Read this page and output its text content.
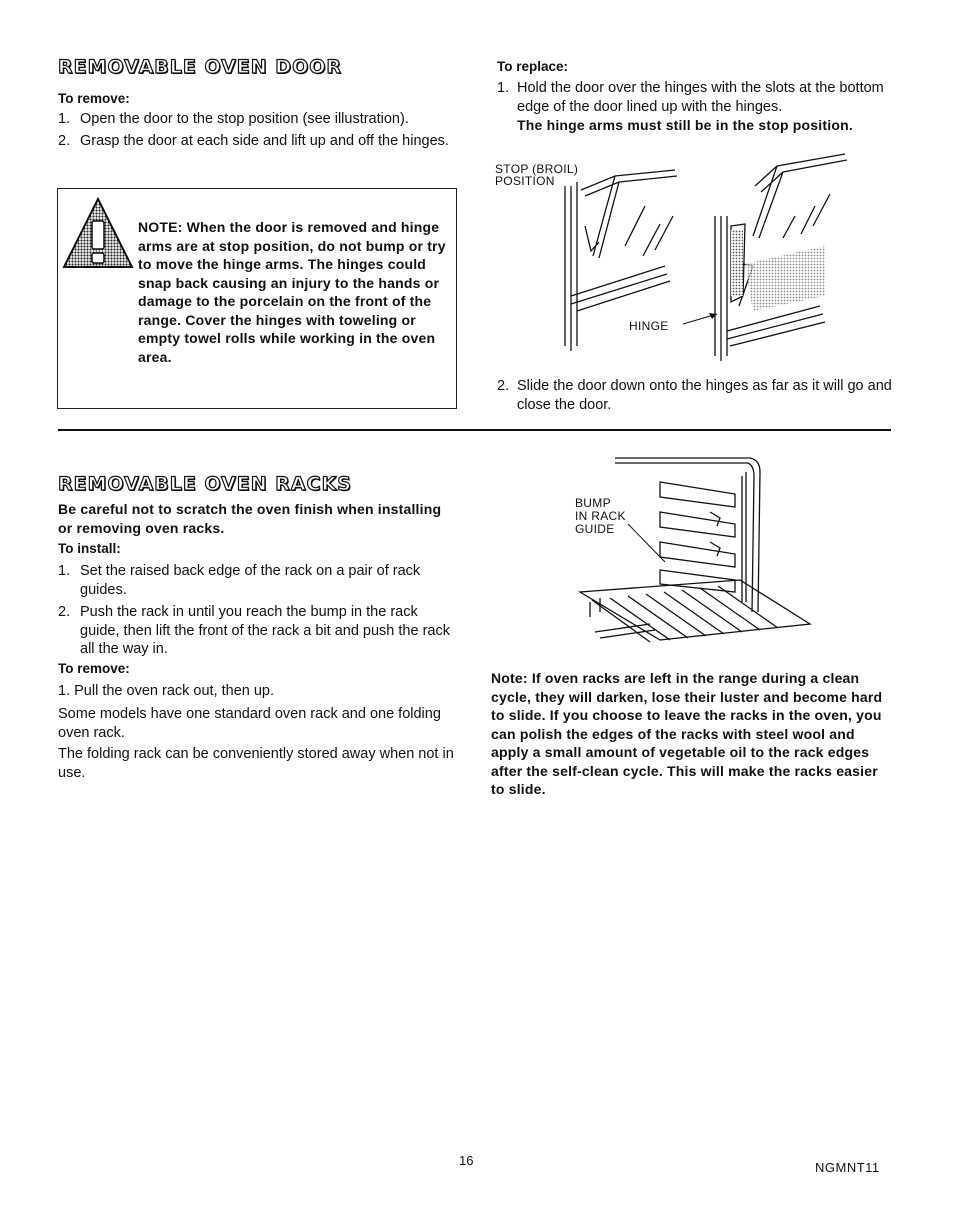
REMOVABLE OVEN DOOR
To remove:
1. Open the door to the stop position (see illustration).
2. Grasp the door at each side and lift up and off the hinges.
NOTE: When the door is removed and hinge arms are at stop position, do not bump or try to move the hinge arms. The hinges could snap back causing an injury to the hands or damage to the porcelain on the front of the range. Cover the hinges with toweling or empty towel rolls while working in the oven area.
To replace:
1. Hold the door over the hinges with the slots at the bottom edge of the door lined up with the hinges.
The hinge arms must still be in the stop position.
STOP (BROIL)
POSITION
HINGE
2. Slide the door down onto the hinges as far as it will go and close the door.
REMOVABLE OVEN RACKS
Be careful not to scratch the oven finish when installing or removing oven racks.
To install:
1. Set the raised back edge of the rack on a pair of rack guides.
2. Push the rack in until you reach the bump in the rack guide, then lift the front of the rack a bit and push the rack all the way in.
To remove:
1. Pull the oven rack out, then up.
Some models have one standard oven rack and one folding oven rack.
The folding rack can be conveniently stored away when not in use.
BUMP
IN RACK
GUIDE
Note: If oven racks are left in the range during a clean cycle, they will darken, lose their luster and become hard to slide. If you choose to leave the racks in the oven, you can polish the edges of the racks with steel wool and apply a small amount of vegetable oil to the rack edges after the self-clean cycle. This will make the racks easier to slide.
16	NGMNT11
